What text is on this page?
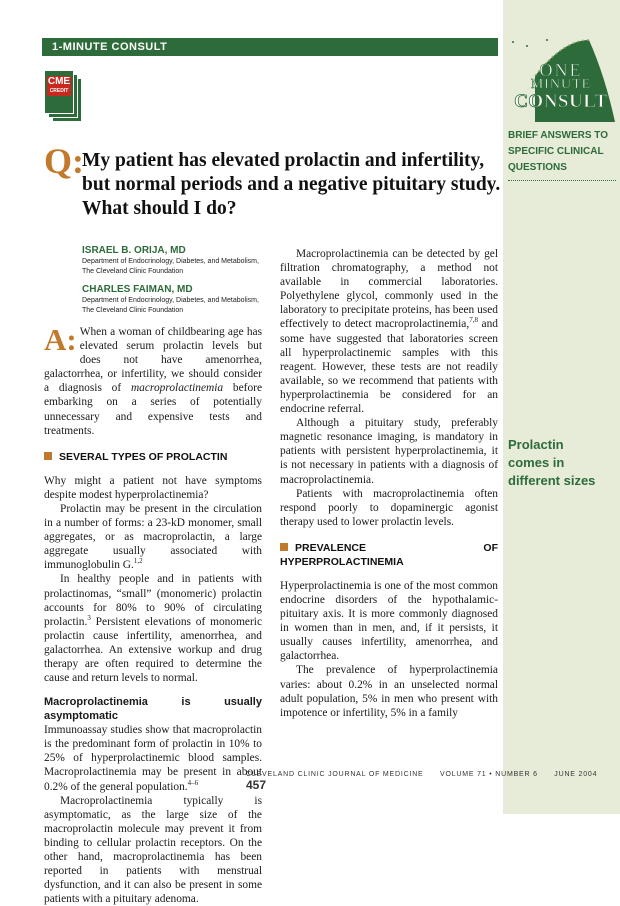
1-MINUTE CONSULT
CME
CREDIT
ONE
MINUTE
CONSULT
BRIEF ANSWERS TO SPECIFIC CLINICAL QUESTIONS
Prolactin comes in different sizes
Q:
My patient has elevated prolactin and infertility, but normal periods and a negative pituitary study. What should I do?
ISRAEL B. ORIJA, MD
Department of Endocrinology, Diabetes, and Metabolism,
The Cleveland Clinic Foundation
CHARLES FAIMAN, MD
Department of Endocrinology, Diabetes, and Metabolism,
The Cleveland Clinic Foundation

A: When a woman of childbearing age has elevated serum prolactin levels but does not have amenorrhea, galactorrhea, or infertility, we should consider a diagnosis of macroprolactinemia before embarking on a series of potentially unnecessary and expensive tests and treatments.

SEVERAL TYPES OF PROLACTIN

Why might a patient not have symptoms despite modest hyperprolactinemia?

Prolactin may be present in the circulation in a number of forms: a 23-kD monomer, small aggregates, or as macroprolactin, a large aggregate usually associated with immunoglobulin G.$^{1,2}$

In healthy people and in patients with prolactinomas, “small” (monomeric) prolactin accounts for 80% to 90% of circulating prolactin.$^3$ Persistent elevations of monomeric prolactin cause infertility, amenorrhea, and galactorrhea. An extensive workup and drug therapy are often required to determine the cause and return levels to normal.

Macroprolactinemia is usually asymptomatic

Immunoassay studies show that macroprolactin is the predominant form of prolactin in 10% to 25% of hyperprolactinemic blood samples. Macroprolactinemia may be present in about 0.2% of the general population.$^{4-6}$

Macroprolactinemia typically is asymptomatic, as the large size of the macroprolactin molecule may prevent it from binding to cellular prolactin receptors. On the other hand, macroprolactinemia has been reported in patients with menstrual dysfunction, and it can also be present in some patients with a pituitary adenoma.

Macroprolactinemia can be detected by gel filtration chromatography, a method not available in commercial laboratories. Polyethylene glycol, commonly used in the laboratory to precipitate proteins, has been used effectively to detect macroprolactinemia,$^{7,8}$ and some have suggested that laboratories screen all hyperprolactinemic samples with this reagent. However, these tests are not readily available, so we recommend that patients with hyperprolactinemia be considered for an endocrine referral.

Although a pituitary study, preferably magnetic resonance imaging, is mandatory in patients with persistent hyperprolactinemia, it is not necessary in patients with a diagnosis of macroprolactinemia.

Patients with macroprolactinemia often respond poorly to dopaminergic agonist therapy used to lower prolactin levels.

PREVALENCE OF HYPERPROLACTINEMIA

Hyperprolactinemia is one of the most common endocrine disorders of the hypothalamic-pituitary axis. It is more commonly diagnosed in women than in men, and, if it persists, it usually causes infertility, amenorrhea, and galactorrhea.

The prevalence of hyperprolactinemia varies: about 0.2% in an unselected normal adult population, 5% in men who present with impotence or infertility, 5% in a family

CLEVELAND CLINIC JOURNAL OF MEDICINE VOLUME 71 • NUMBER 6 JUNE 2004    457
